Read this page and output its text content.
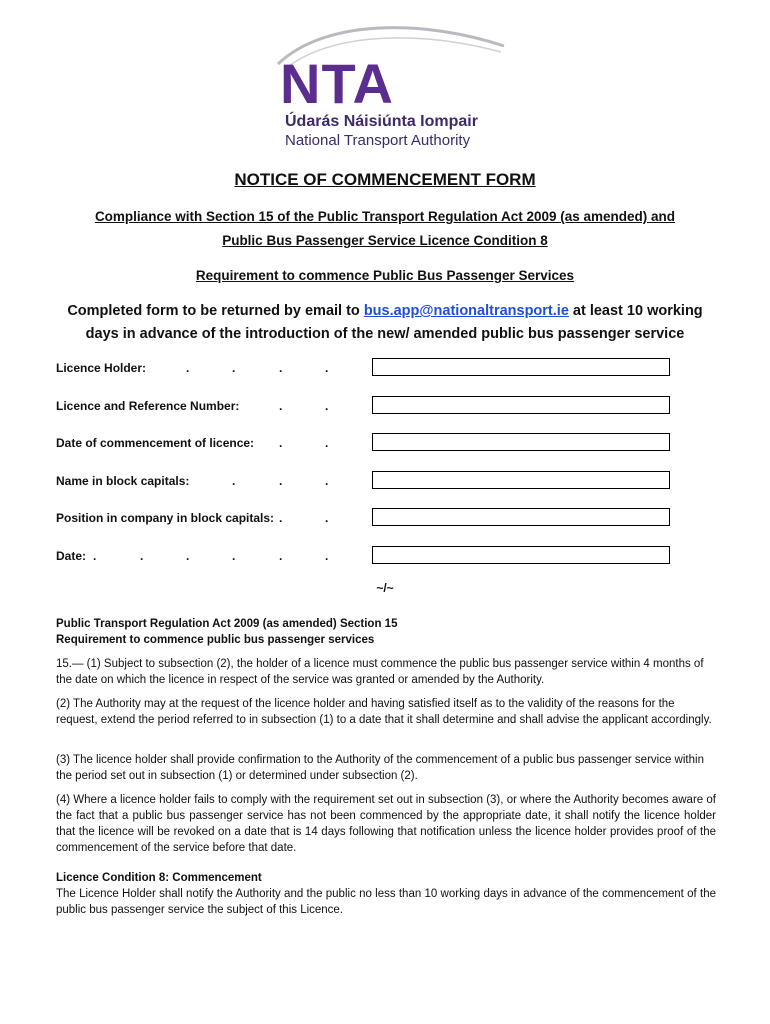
NTA
Údarás Náisiúnta Iompair
National Transport Authority
NOTICE OF COMMENCEMENT FORM
Compliance with Section 15 of the Public Transport Regulation Act 2009 (as amended) and
Public Bus Passenger Service Licence Condition 8
Requirement to commence Public Bus Passenger Services
Completed form to be returned by email to bus.app@nationaltransport.ie at least 10 working
days in advance of the introduction of the new/ amended public bus passenger service
Licence Holder:	.	.	.	.
Licence and Reference Number:	.	.
Date of commencement of licence: .	.
Name in block capitals:	.	.	.
Position in company in block capitals: .	.
Date: .	.	.	.	.	.
~/~
Public Transport Regulation Act 2009 (as amended) Section 15
Requirement to commence public bus passenger services
15.— (1) Subject to subsection (2), the holder of a licence must commence the public bus passenger service within 4 months of the date on which the licence in respect of the service was granted or amended by the Authority.
(2) The Authority may at the request of the licence holder and having satisfied itself as to the validity of the reasons for the request, extend the period referred to in subsection (1) to a date that it shall determine and shall advise the applicant accordingly.
(3) The licence holder shall provide confirmation to the Authority of the commencement of a public bus passenger service within the period set out in subsection (1) or determined under subsection (2).
(4) Where a licence holder fails to comply with the requirement set out in subsection (3), or where the Authority becomes aware of the fact that a public bus passenger service has not been commenced by the appropriate date, it shall notify the licence holder that the licence will be revoked on a date that is 14 days following that notification unless the licence holder provides proof of the commencement of the service before that date.
Licence Condition 8: Commencement
The Licence Holder shall notify the Authority and the public no less than 10 working days in advance of the commencement of the public bus passenger service the subject of this Licence.
